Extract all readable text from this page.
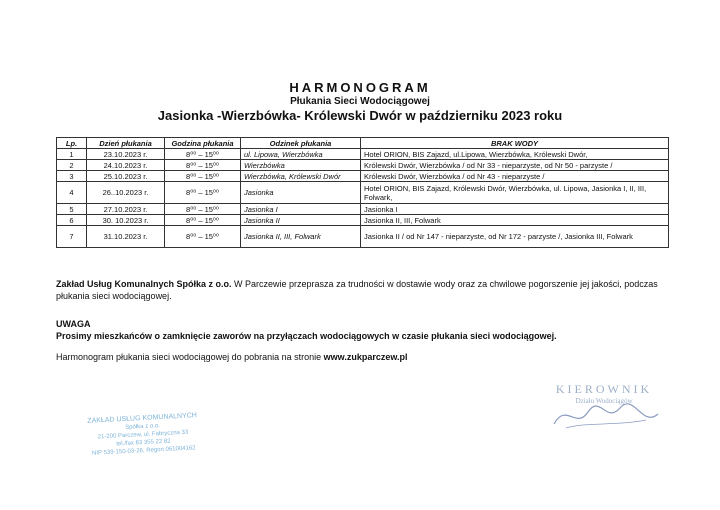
HARMONOGRAM
Płukania Sieci Wodociągowej
Jasionka -Wierzbówka- Królewski Dwór w październiku 2023 roku
Lp.	Dzień płukania	Godzina płukania	Odzinek płukania	BRAK WODY
1	23.10.2023 r.	8⁰⁰ – 15⁰⁰	ul. Lipowa, Wierzbówka	Hotel ORION, BIS Zajazd, ul.Lipowa, Wierzbówka, Królewski Dwór,
2	24.10.2023 r.	8⁰⁰ – 15⁰⁰	Wierzbówka	Królewski Dwór, Wierzbówka / od Nr 33 - nieparzyste, od Nr 50 - parzyste /
3	25.10.2023 r.	8⁰⁰ – 15⁰⁰	Wierzbówka, Królewski Dwór	Królewski Dwór, Wierzbówka / od Nr 43 - nieparzyste /
4	26..10.2023 r.	8⁰⁰ – 15⁰⁰	Jasionka	Hotel ORION, BIS Zajazd, Królewski Dwór, Wierzbówka, ul. Lipowa, Jasionka I, II, III, Folwark,
5	27.10.2023 r.	8⁰⁰ – 15⁰⁰	Jasionka I	Jasionka I
6	30. 10.2023 r.	8⁰⁰ – 15⁰⁰	Jasionka II	Jasionka II, III, Folwark
7	31.10.2023 r.	8⁰⁰ – 15⁰⁰	Jasionka II, III, Folwark	Jasionka II / od Nr 147 - nieparzyste, od Nr 172 - parzyste /, Jasionka III, Folwark
Zakład Usług Komunalnych Spółka z o.o. W Parczewie przeprasza za trudności w dostawie wody oraz za chwilowe pogorszenie jej jakości, podczas płukania sieci wodociągowej.
UWAGA
Prosimy mieszkańców o zamknięcie zaworów na przyłączach wodociągowych w czasie płukania sieci wodociągowej.
Harmonogram płukania sieci wodociągowej do pobrania na stronie www.zukparczew.pl
ZAKŁAD USŁUG KOMUNALNYCH
Spółka z o.o.
21-200 Parczew, ul. Fabryczna 33
tel./fax 83 355 22 82
NIP 539-150-03-26, Regon 061004162
KIEROWNIK
Działu Wodociągów
